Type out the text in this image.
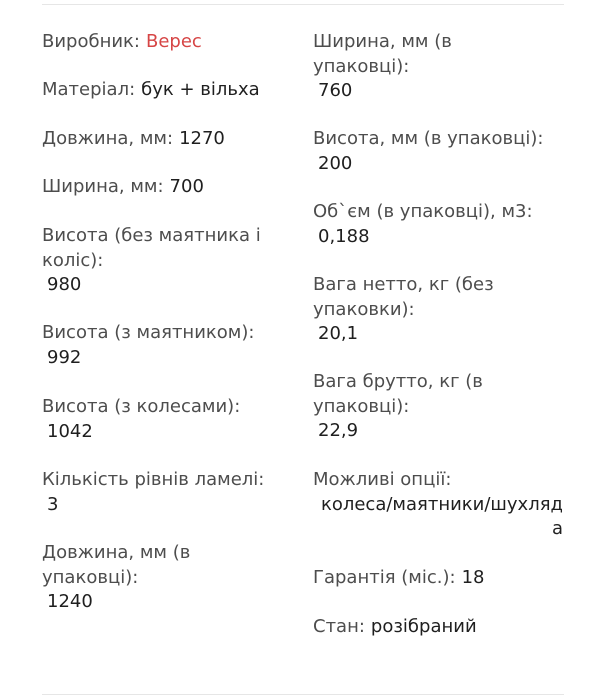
Виробник: Верес
Матеріал: бук + вільха
Довжина, мм: 1270
Ширина, мм: 700
Висота (без маятника і коліс):
980
Висота (з маятником):
992
Висота (з колесами):
1042
Кількість рівнів ламелі:
3
Довжина, мм (в упаковці):
1240
Ширина, мм (в упаковці):
760
Висота, мм (в упаковці):
200
Об`єм (в упаковці), м3:
0,188
Вага нетто, кг (без упаковки):
20,1
Вага брутто, кг (в упаковці):
22,9
Можливі опції:
колеса/маятники/шухляда
Гарантія (міс.): 18
Стан: розібраний
